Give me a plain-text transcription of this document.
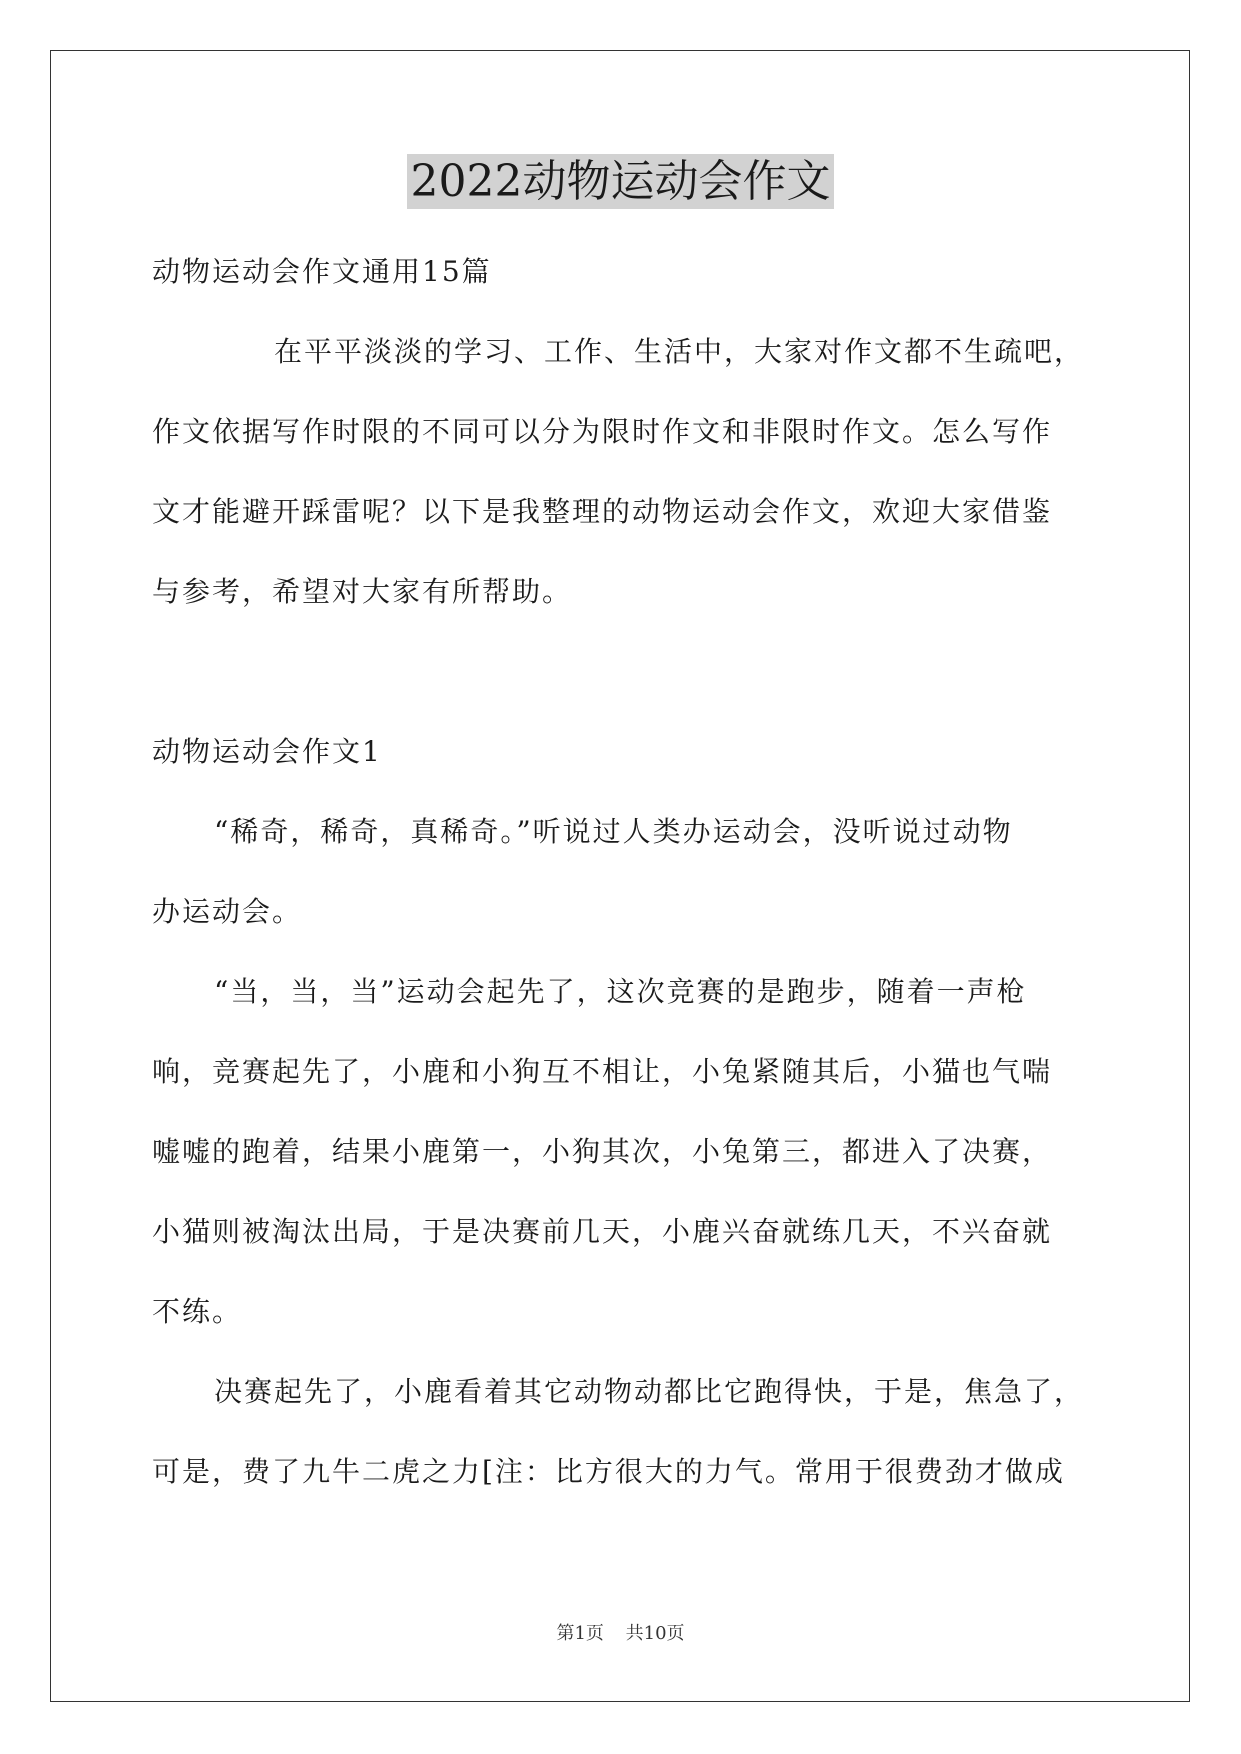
2022动物运动会作文

动物运动会作文通用15篇

在平平淡淡的学习、工作、生活中，大家对作文都不生疏吧，

作文依据写作时限的不同可以分为限时作文和非限时作文。怎么写作

文才能避开踩雷呢？以下是我整理的动物运动会作文，欢迎大家借鉴

与参考，希望对大家有所帮助。

动物运动会作文1

“稀奇，稀奇，真稀奇。”听说过人类办运动会，没听说过动物

办运动会。

“当，当，当”运动会起先了，这次竞赛的是跑步，随着一声枪

响，竞赛起先了，小鹿和小狗互不相让，小兔紧随其后，小猫也气喘

嘘嘘的跑着，结果小鹿第一，小狗其次，小兔第三，都进入了决赛，

小猫则被淘汰出局，于是决赛前几天，小鹿兴奋就练几天，不兴奋就

不练。

决赛起先了，小鹿看着其它动物动都比它跑得快，于是，焦急了，

可是，费了九牛二虎之力[注：比方很大的力气。常用于很费劲才做成

第1页 共10页
